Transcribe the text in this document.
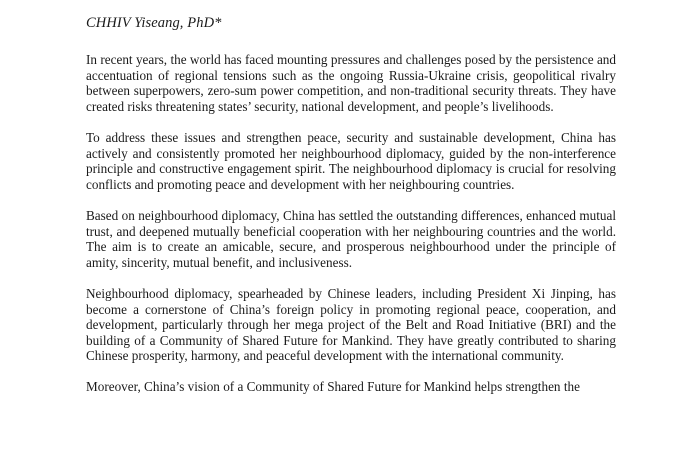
CHHIV Yiseang, PhD*

In recent years, the world has faced mounting pressures and challenges posed by the persistence and accentuation of regional tensions such as the ongoing Russia-Ukraine crisis, geopolitical rivalry between superpowers, zero-sum power competition, and non-traditional security threats. They have created risks threatening states’ security, national development, and people’s livelihoods.

To address these issues and strengthen peace, security and sustainable development, China has actively and consistently promoted her neighbourhood diplomacy, guided by the non-interference principle and constructive engagement spirit. The neighbourhood diplomacy is crucial for resolving conflicts and promoting peace and development with her neighbouring countries.

Based on neighbourhood diplomacy, China has settled the outstanding differences, enhanced mutual trust, and deepened mutually beneficial cooperation with her neighbouring countries and the world. The aim is to create an amicable, secure, and prosperous neighbourhood under the principle of amity, sincerity, mutual benefit, and inclusiveness.

Neighbourhood diplomacy, spearheaded by Chinese leaders, including President Xi Jinping, has become a cornerstone of China’s foreign policy in promoting regional peace, cooperation, and development, particularly through her mega project of the Belt and Road Initiative (BRI) and the building of a Community of Shared Future for Mankind. They have greatly contributed to sharing Chinese prosperity, harmony, and peaceful development with the international community.

Moreover, China’s vision of a Community of Shared Future for Mankind helps strengthen the
